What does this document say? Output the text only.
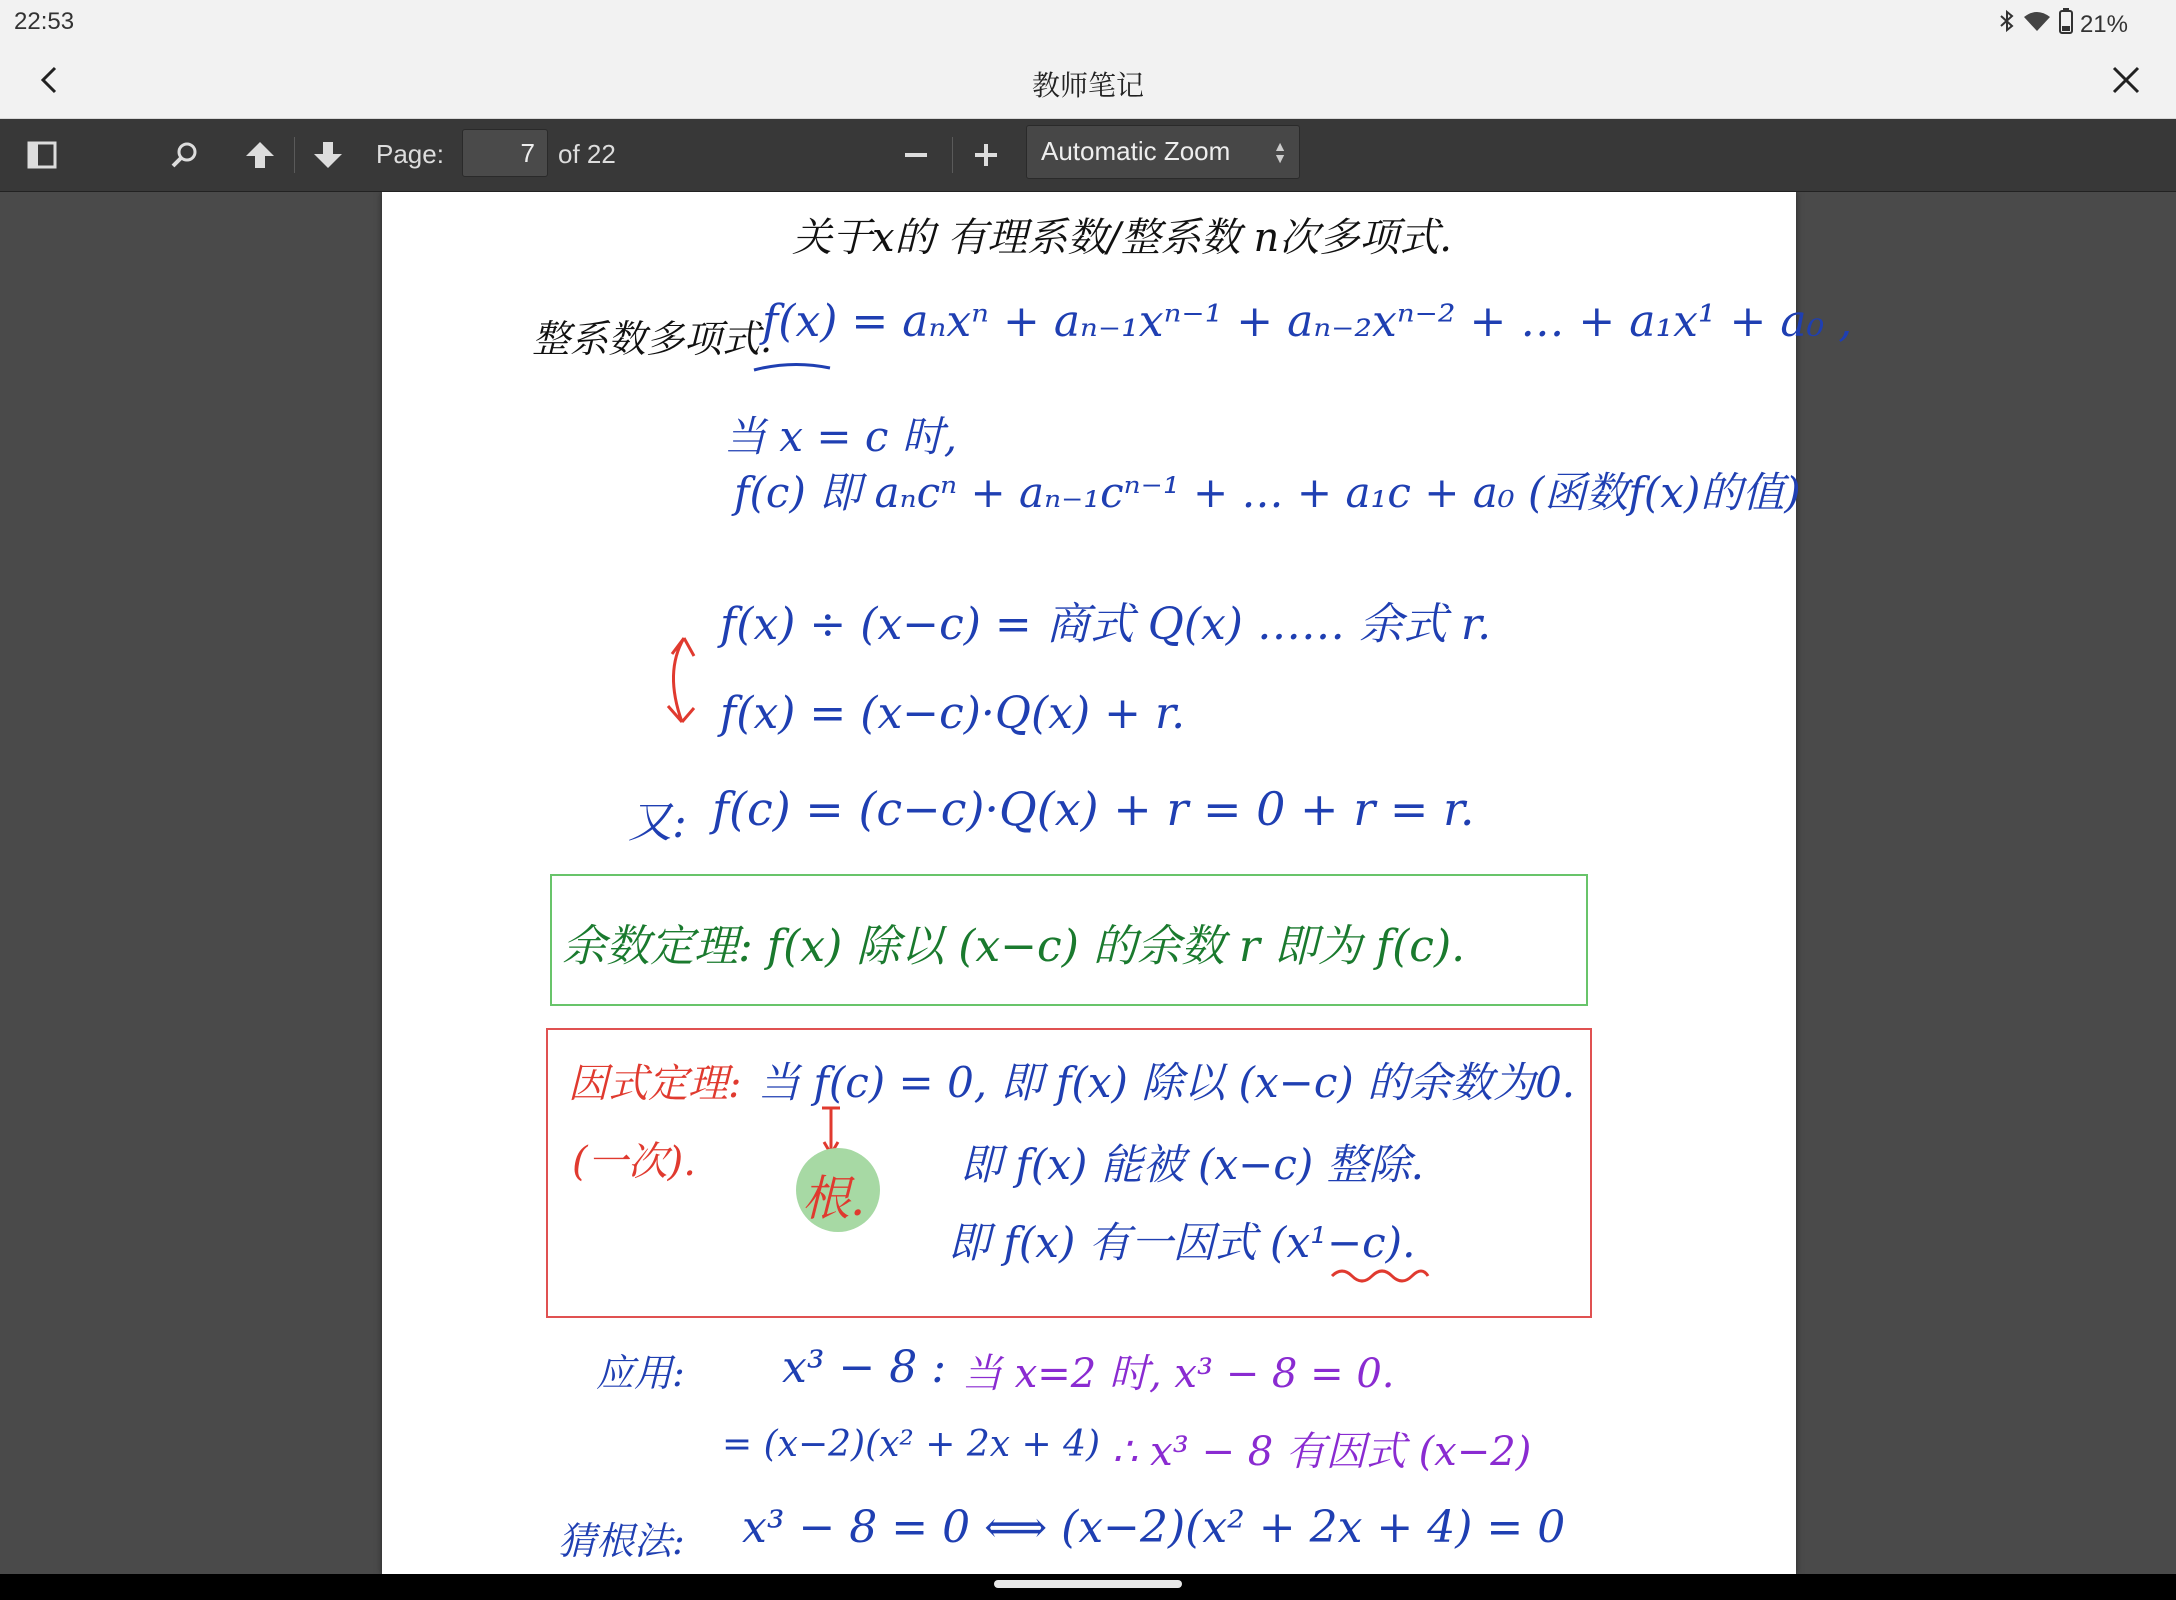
22:53	21%
教师笔记
Page:
7	of 22	Automatic Zoom	▲
▼
关于x的 有理系数/整系数 n次多项式.
整系数多项式.
f(x) = aₙxⁿ + aₙ₋₁xⁿ⁻¹ + aₙ₋₂xⁿ⁻² + … + a₁x¹ + a₀ ,
当 x = c 时,
f(c) 即 aₙcⁿ + aₙ₋₁cⁿ⁻¹ + … + a₁c + a₀ (函数f(x)的值)
f(x) ÷ (x−c) = 商式 Q(x) …… 余式 r.
f(x) = (x−c)·Q(x) + r.
又: f(c) = (c−c)·Q(x) + r = 0 + r = r.
余数定理: f(x) 除以 (x−c) 的余数 r 即为 f(c).
因式定理:
(一次).
当 f(c) = 0, 即 f(x) 除以 (x−c) 的余数为0.
根.
即 f(x) 能被 (x−c) 整除.
即 f(x) 有一因式 (x¹−c).
应用: x³ − 8 : 当 x=2 时, x³ − 8 = 0.
= (x−2)(x² + 2x + 4) ∴ x³ − 8 有因式 (x−2)
猜根法: x³ − 8 = 0 ⟺ (x−2)(x² + 2x + 4) = 0
